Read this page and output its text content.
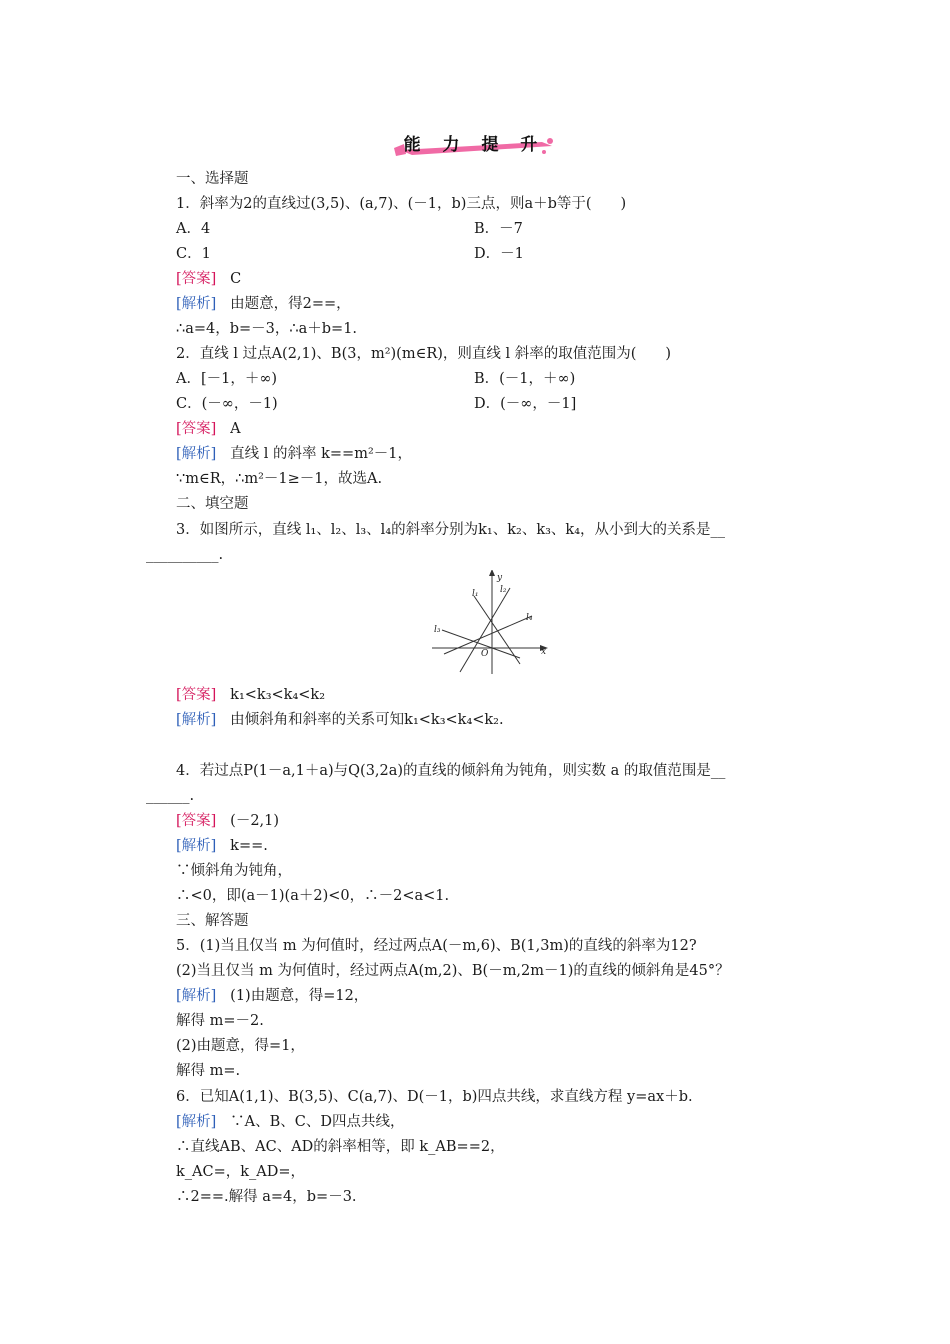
能 力 提 升
一、选择题
1．斜率为2的直线过(3,5)、(a,7)、(－1，b)三点，则a＋b等于(　　)
A．4	B．－7
C．1	D．－1
[答案] C
[解析] 由题意，得2==，
∴a=4，b=－3，∴a＋b=1.
2．直线 l 过点A(2,1)、B(3，m²)(m∈R)，则直线 l 斜率的取值范围为(　　)
A．[－1，＋∞)	B．(－1，＋∞)
C．(－∞，－1)	D．(－∞，－1]
[答案] A
[解析] 直线 l 的斜率 k==m²－1，
∵m∈R，∴m²－1≥－1，故选A.
二、填空题
3．如图所示，直线 l₁、l₂、l₃、l₄的斜率分别为k₁、k₂、k₃、k₄，从小到大的关系是__
__________.
x
y
O
l₁ l₂
l₃
l₄
[答案] k₁<k₃<k₄<k₂
[解析] 由倾斜角和斜率的关系可知k₁<k₃<k₄<k₂.
4．若过点P(1－a,1＋a)与Q(3,2a)的直线的倾斜角为钝角，则实数 a 的取值范围是__
______.
[答案] (－2,1)
[解析] k==.
∵倾斜角为钝角，
∴<0，即(a－1)(a＋2)<0，∴－2<a<1.
三、解答题
5．(1)当且仅当 m 为何值时，经过两点A(－m,6)、B(1,3m)的直线的斜率为12?
(2)当且仅当 m 为何值时，经过两点A(m,2)、B(－m,2m－1)的直线的倾斜角是45°？
[解析] (1)由题意，得=12，
解得 m=－2.
(2)由题意，得=1，
解得 m=.
6．已知A(1,1)、B(3,5)、C(a,7)、D(－1，b)四点共线，求直线方程 y=ax＋b.
[解析] ∵A、B、C、D四点共线，
∴直线AB、AC、AD的斜率相等，即 k_AB==2，
k_AC=，k_AD=，
∴2==.解得 a=4，b=－3.
